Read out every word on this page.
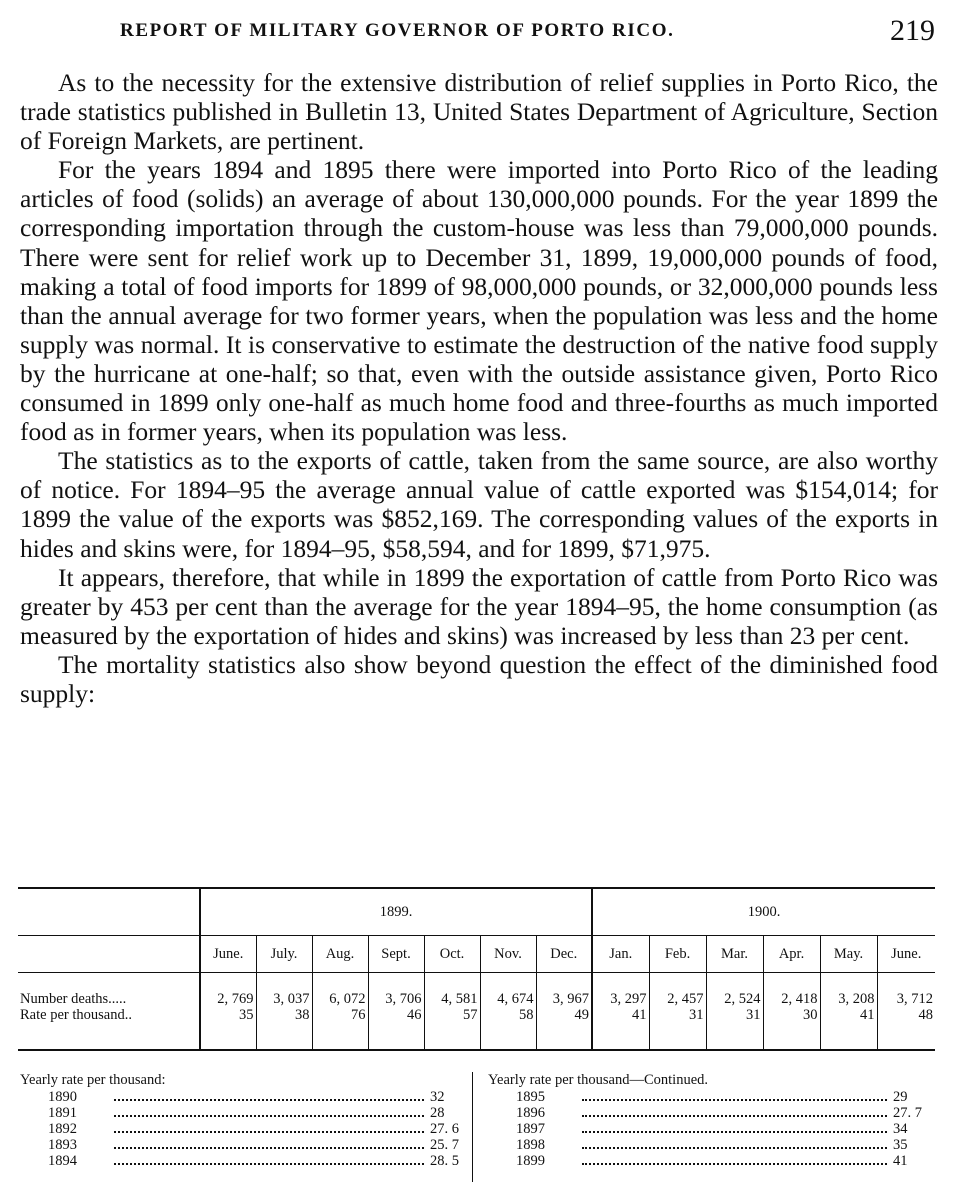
REPORT OF MILITARY GOVERNOR OF PORTO RICO.	219

As to the necessity for the extensive distribution of relief supplies in Porto Rico, the trade statistics published in Bulletin 13, United States Department of Agriculture, Section of Foreign Markets, are pertinent.

For the years 1894 and 1895 there were imported into Porto Rico of the leading articles of food (solids) an average of about 130,000,000 pounds. For the year 1899 the corresponding importation through the custom-house was less than 79,000,000 pounds. There were sent for relief work up to December 31, 1899, 19,000,000 pounds of food, making a total of food imports for 1899 of 98,000,000 pounds, or 32,000,000 pounds less than the annual average for two former years, when the population was less and the home supply was normal. It is conservative to estimate the destruction of the native food supply by the hurricane at one-half; so that, even with the outside assistance given, Porto Rico consumed in 1899 only one-half as much home food and three-fourths as much imported food as in former years, when its population was less.

The statistics as to the exports of cattle, taken from the same source, are also worthy of notice. For 1894–95 the average annual value of cattle exported was $154,014; for 1899 the value of the exports was $852,169. The corresponding values of the exports in hides and skins were, for 1894–95, $58,594, and for 1899, $71,975.

It appears, therefore, that while in 1899 the exportation of cattle from Porto Rico was greater by 453 per cent than the average for the year 1894–95, the home consumption (as measured by the exportation of hides and skins) was increased by less than 23 per cent.

The mortality statistics also show beyond question the effect of the diminished food supply:

	1899.							1900.					
	June.	July.	Aug.	Sept.	Oct.	Nov.	Dec.	Jan.	Feb.	Mar.	Apr.	May.	June.

Number deaths.....	2, 769	3, 037	6, 072	3, 706	4, 581	4, 674	3, 967	3, 297	2, 457	2, 524	2, 418	3, 208	3, 712
Rate per thousand..	35	38	76	46	57	58	49	41	31	31	30	41	48

Yearly rate per thousand:
1890	32
1891	28
1892	27. 6
1893	25. 7
1894	28. 5
Yearly rate per thousand—Continued.
1895	29
1896	27. 7
1897	34
1898	35
1899	41
